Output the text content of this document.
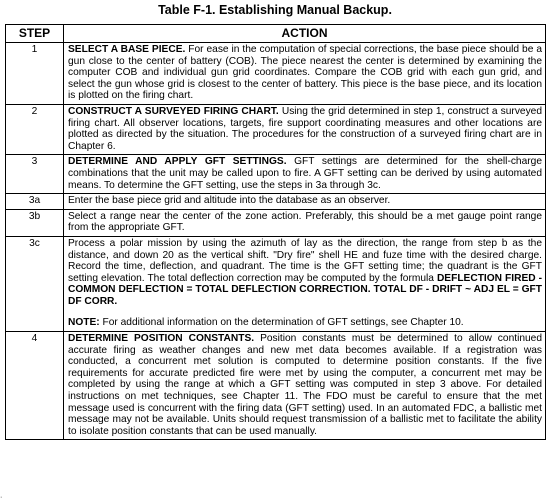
Table F-1. Establishing Manual Backup.
STEP	ACTION
1	SELECT A BASE PIECE. For ease in the computation of special corrections, the base piece should be a gun close to the center of battery (COB). The piece nearest the center is determined by examining the computer COB and individual gun grid coordinates. Compare the COB grid with each gun grid, and select the gun whose grid is closest to the center of battery. This piece is the base piece, and its location is plotted on the firing chart.
2	CONSTRUCT A SURVEYED FIRING CHART. Using the grid determined in step 1, construct a surveyed firing chart. All observer locations, targets, fire support coordinating measures and other locations are plotted as directed by the situation. The procedures for the construction of a surveyed firing chart are in Chapter 6.
3	DETERMINE AND APPLY GFT SETTINGS. GFT settings are determined for the shell-charge combinations that the unit may be called upon to fire. A GFT setting can be derived by using automated means. To determine the GFT setting, use the steps in 3a through 3c.
3a	Enter the base piece grid and altitude into the database as an observer.
3b	Select a range near the center of the zone action. Preferably, this should be a met gauge point range from the appropriate GFT.
3c	Process a polar mission by using the azimuth of lay as the direction, the range from step b as the distance, and down 20 as the vertical shift. "Dry fire" shell HE and fuze time with the desired charge. Record the time, deflection, and quadrant. The time is the GFT setting time; the quadrant is the GFT setting elevation. The total deflection correction may be computed by the formula DEFLECTION FIRED - COMMON DEFLECTION = TOTAL DEFLECTION CORRECTION. TOTAL DF - DRIFT ~ ADJ EL = GFT DF CORR.
NOTE: For additional information on the determination of GFT settings, see Chapter 10.

4	DETERMINE POSITION CONSTANTS. Position constants must be determined to allow continued accurate firing as weather changes and new met data becomes available. If a registration was conducted, a concurrent met solution is computed to determine position constants. If the five requirements for accurate predicted fire were met by using the computer, a concurrent met may be completed by using the range at which a GFT setting was computed in step 3 above. For detailed instructions on met techniques, see Chapter 11. The FDO must be careful to ensure that the met message used is concurrent with the firing data (GFT setting) used. In an automated FDC, a ballistic met message may not be available. Units should request transmission of a ballistic met to facilitate the ability to isolate position constants that can be used manually.
·
